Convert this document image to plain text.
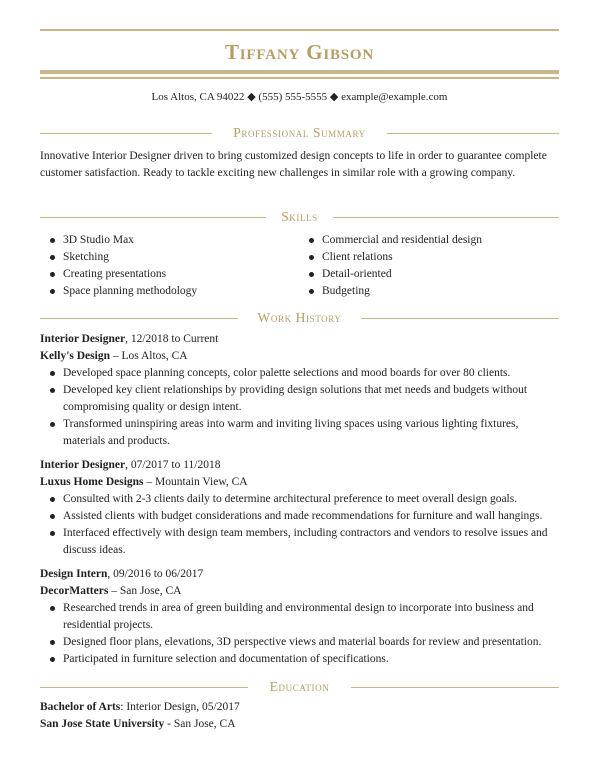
Tiffany Gibson
Los Altos, CA 94022 ◆ (555) 555-5555 ◆ example@example.com
Professional Summary
Innovative Interior Designer driven to bring customized design concepts to life in order to guarantee complete customer satisfaction. Ready to tackle exciting new challenges in similar role with a growing company.
Skills
3D Studio Max
Sketching
Creating presentations
Space planning methodology
Commercial and residential design
Client relations
Detail-oriented
Budgeting
Work History
Interior Designer, 12/2018 to Current
Kelly's Design – Los Altos, CA
Developed space planning concepts, color palette selections and mood boards for over 80 clients.
Developed key client relationships by providing design solutions that met needs and budgets without compromising quality or design intent.
Transformed uninspiring areas into warm and inviting living spaces using various lighting fixtures, materials and products.
Interior Designer, 07/2017 to 11/2018
Luxus Home Designs – Mountain View, CA
Consulted with 2-3 clients daily to determine architectural preference to meet overall design goals.
Assisted clients with budget considerations and made recommendations for furniture and wall hangings.
Interfaced effectively with design team members, including contractors and vendors to resolve issues and discuss ideas.
Design Intern, 09/2016 to 06/2017
DecorMatters – San Jose, CA
Researched trends in area of green building and environmental design to incorporate into business and residential projects.
Designed floor plans, elevations, 3D perspective views and material boards for review and presentation.
Participated in furniture selection and documentation of specifications.
Education
Bachelor of Arts: Interior Design, 05/2017
San Jose State University - San Jose, CA
